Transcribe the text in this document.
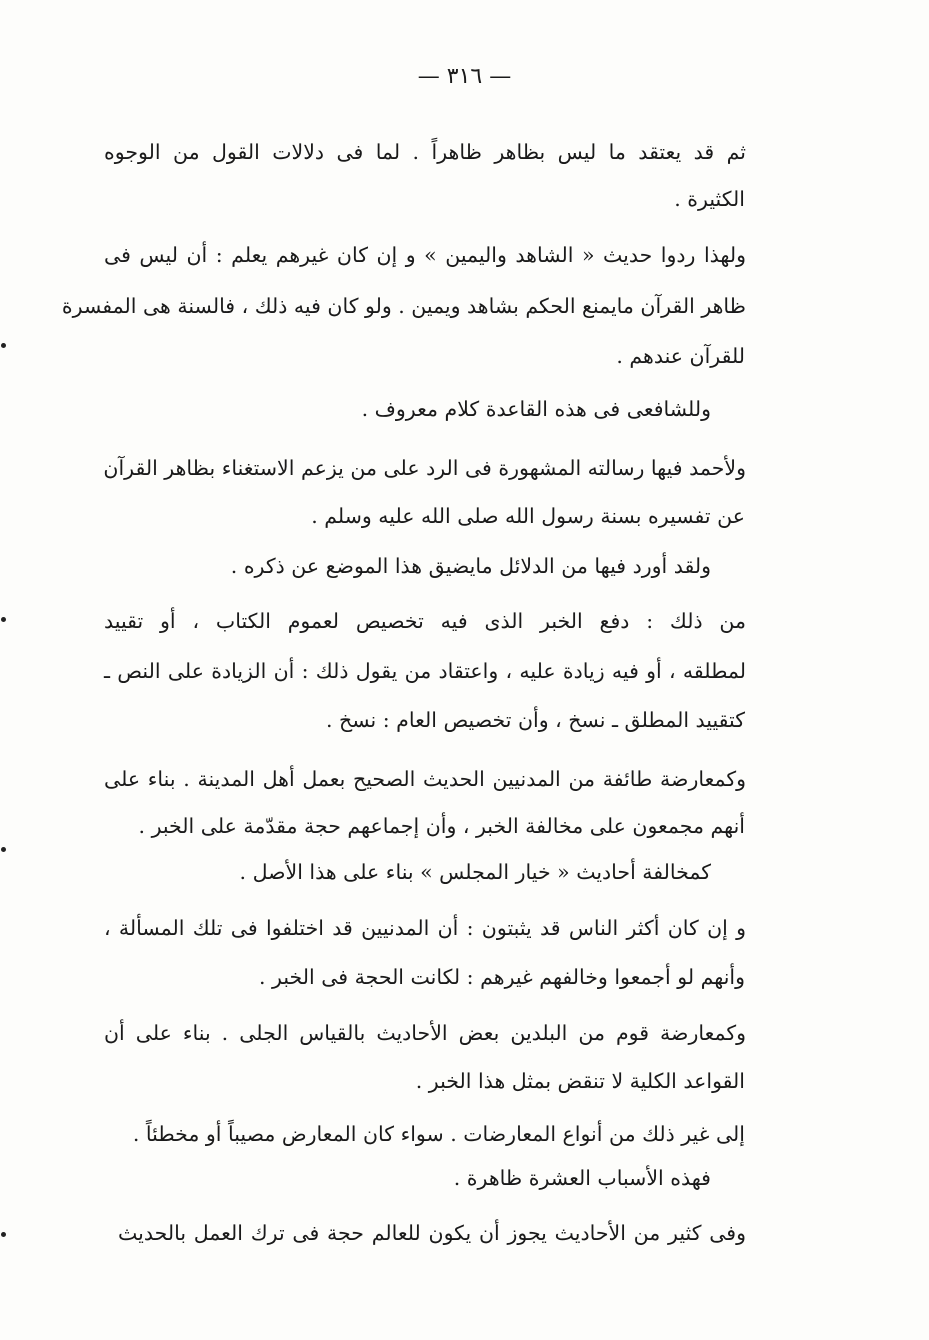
— ٣١٦ —
ثم قد يعتقد ما ليس بظاهر ظاهراً . لما فى دلالات القول من الوجوه
الكثيرة .
ولهذا ردوا حديث « الشاهد واليمين » و إن كان غيرهم يعلم : أن ليس فى
ظاهر القرآن مايمنع الحكم بشاهد ويمين . ولو كان فيه ذلك ، فالسنة هى المفسرة
للقرآن عندهم .
وللشافعى فى هذه القاعدة كلام معروف .
ولأحمد فيها رسالته المشهورة فى الرد على من يزعم الاستغناء بظاهر القرآن
عن تفسيره بسنة رسول الله صلى الله عليه وسلم .
ولقد أورد فيها من الدلائل مايضيق هذا الموضع عن ذكره .
من ذلك : دفع الخبر الذى فيه تخصيص لعموم الكتاب ، أو تقييد
لمطلقه ، أو فيه زيادة عليه ، واعتقاد من يقول ذلك : أن الزيادة على النص ـ
كتقييد المطلق ـ نسخ ، وأن تخصيص العام : نسخ .
وكمعارضة طائفة من المدنيين الحديث الصحيح بعمل أهل المدينة . بناء على
أنهم مجمعون على مخالفة الخبر ، وأن إجماعهم حجة مقدّمة على الخبر .
كمخالفة أحاديث « خيار المجلس » بناء على هذا الأصل .
و إن كان أكثر الناس قد يثبتون : أن المدنيين قد اختلفوا فى تلك المسألة ،
وأنهم لو أجمعوا وخالفهم غيرهم : لكانت الحجة فى الخبر .
وكمعارضة قوم من البلدين بعض الأحاديث بالقياس الجلى . بناء على أن
القواعد الكلية لا تنقض بمثل هذا الخبر .
إلى غير ذلك من أنواع المعارضات . سواء كان المعارض مصيباً أو مخطئاً .
فهذه الأسباب العشرة ظاهرة .
وفى كثير من الأحاديث يجوز أن يكون للعالم حجة فى ترك العمل بالحديث
